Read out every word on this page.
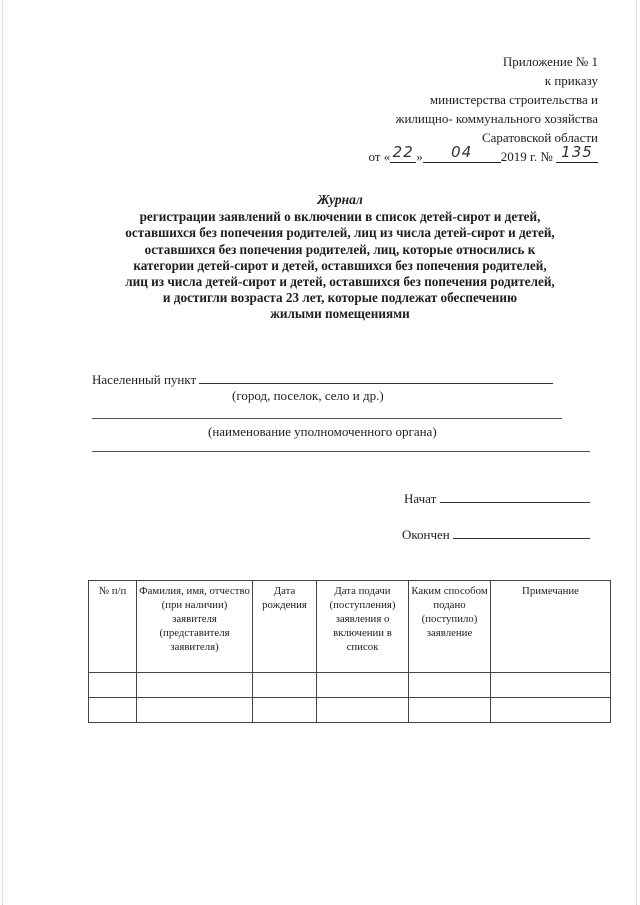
Приложение № 1
к приказу
министерства строительства и
жилищно- коммунального хозяйства
Саратовской области
от « 22 » 04 2019 г. № 135
Журнал
регистрации заявлений о включении в список детей-сирот и детей,
оставшихся без попечения родителей, лиц из числа детей-сирот и детей,
оставшихся без попечения родителей, лиц, которые относились к
категории детей-сирот и детей, оставшихся без попечения родителей,
лиц из числа детей-сирот и детей, оставшихся без попечения родителей,
и достигли возраста 23 лет, которые подлежат обеспечению
жилыми помещениями
Населенный пункт
(город, поселок, село и др.)
(наименование уполномоченного органа)
Начат
Окончен
№ п/п	Фамилия, имя, отчество (при наличии) заявителя (представителя заявителя)	Дата рождения	Дата подачи (поступления) заявления о включении в список	Каким способом подано (поступило) заявление	Примечание
